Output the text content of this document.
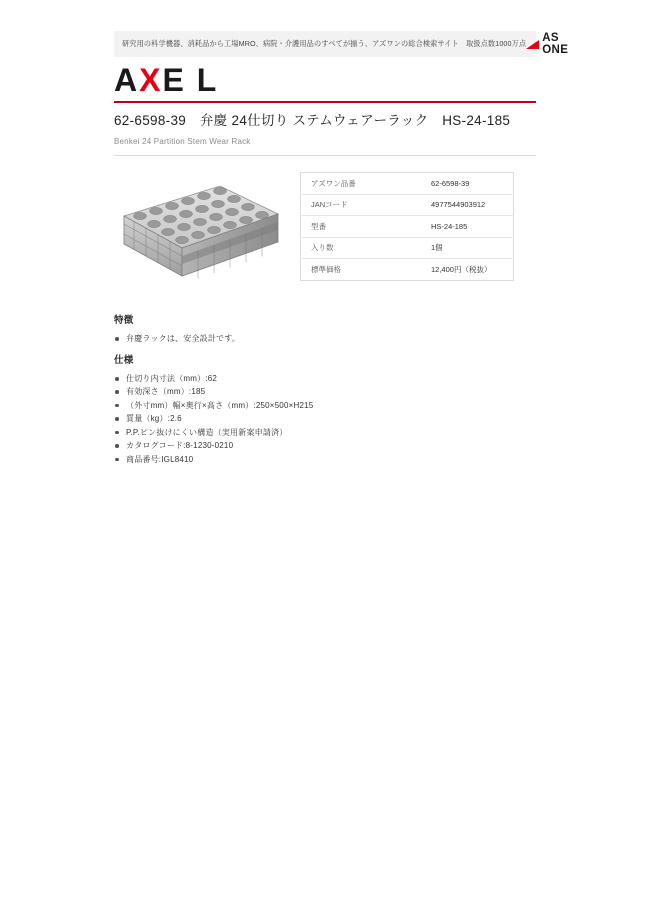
研究用の科学機器、消耗品から工場MRO、病院・介護用品のすべてが揃う、アズワンの総合検索サイト　取扱点数1000万点 AS ONE
AXE L
62-6598-39　弁慶 24仕切り ステムウェアーラック　HS-24-185
Benkei 24 Partition Stem Wear Rack
アズワン品番	62-6598-39
JANコード	4977544903912
型番	HS-24-185
入り数	1個
標準価格	12,400円（税抜）
特徴
弁慶ラックは、安全設計です。
仕様
仕切り内寸法（mm）:62
有効深さ（mm）:185
（外寸mm）幅×奥行×高さ（mm）:250×500×H215
質量（kg）:2.6
P.P.ピン抜けにくい構造（実用新案申請済）
カタログコード:8-1230-0210
商品番号:IGL8410
